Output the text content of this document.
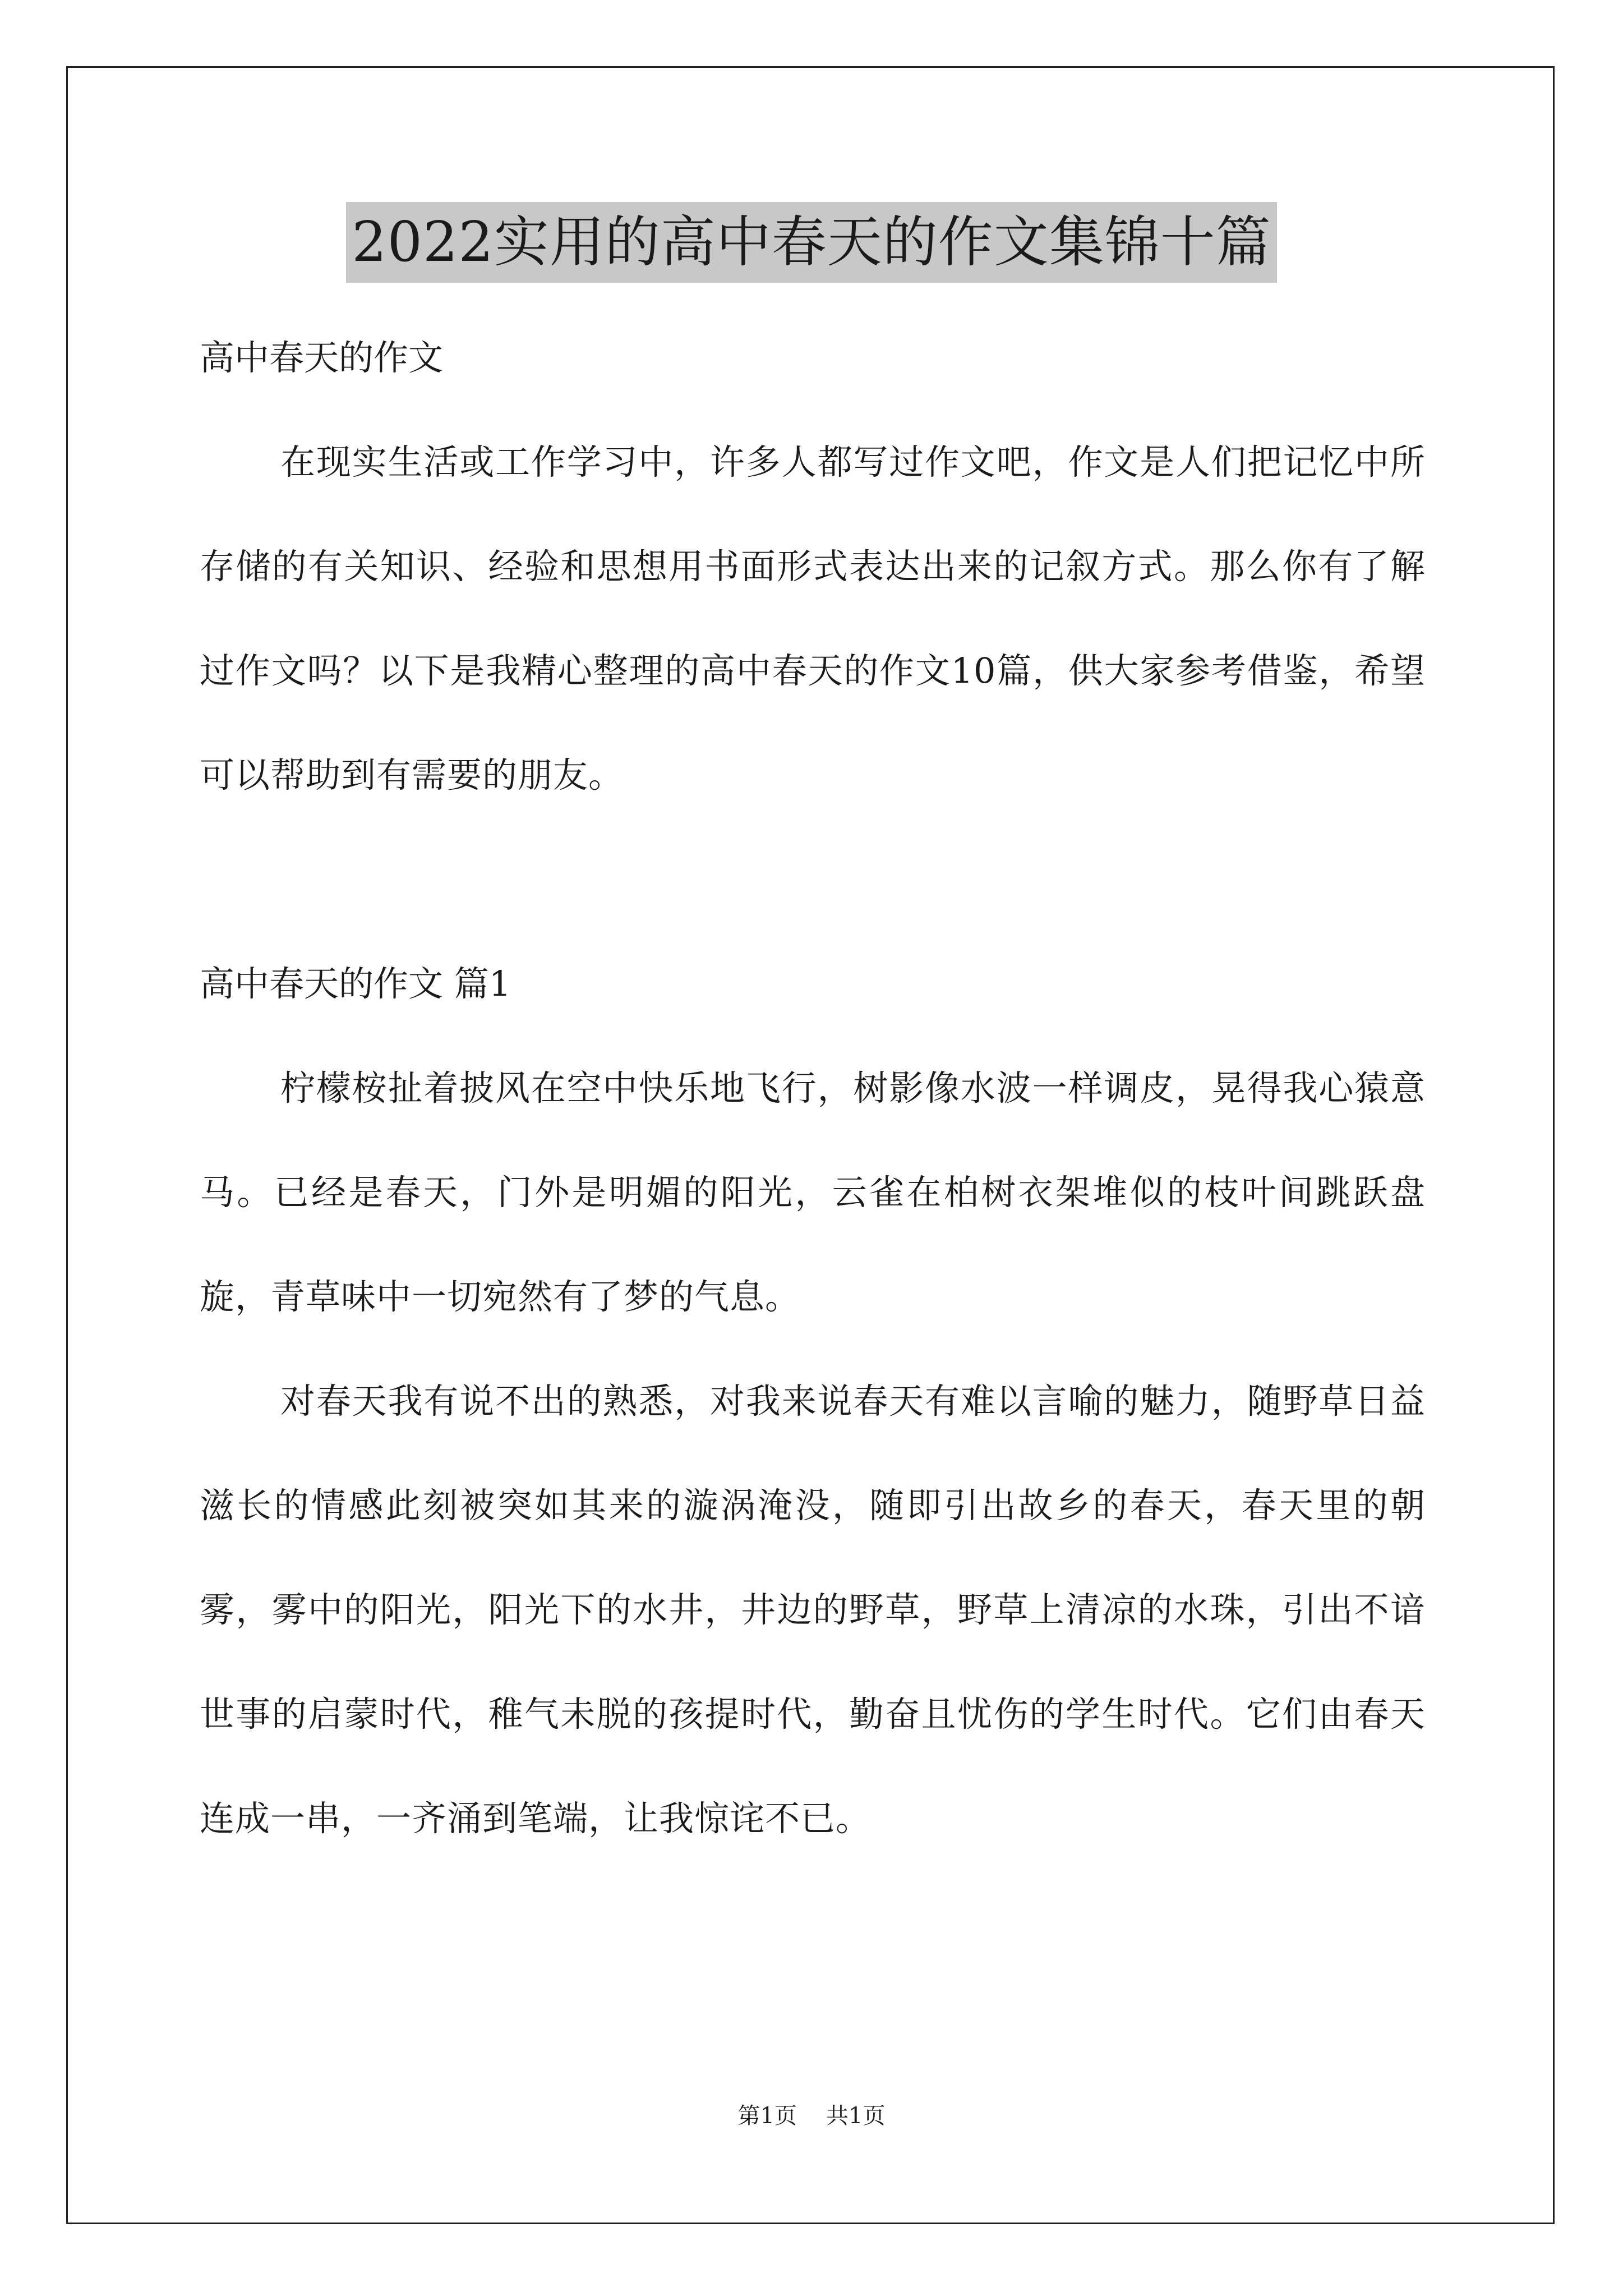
2022实用的高中春天的作文集锦十篇

高中春天的作文

在现实生活或工作学习中，许多人都写过作文吧，作文是人们把记忆中所存储的有关知识、经验和思想用书面形式表达出来的记叙方式。那么你有了解过作文吗？以下是我精心整理的高中春天的作文10篇，供大家参考借鉴，希望可以帮助到有需要的朋友。

高中春天的作文 篇1

柠檬桉扯着披风在空中快乐地飞行，树影像水波一样调皮，晃得我心猿意马。已经是春天，门外是明媚的阳光，云雀在柏树衣架堆似的枝叶间跳跃盘旋，青草味中一切宛然有了梦的气息。

对春天我有说不出的熟悉，对我来说春天有难以言喻的魅力，随野草日益滋长的情感此刻被突如其来的漩涡淹没，随即引出故乡的春天，春天里的朝雾，雾中的阳光，阳光下的水井，井边的野草，野草上清凉的水珠，引出不谙世事的启蒙时代，稚气未脱的孩提时代，勤奋且忧伤的学生时代。它们由春天连成一串，一齐涌到笔端，让我惊诧不已。

第1页 共1页
